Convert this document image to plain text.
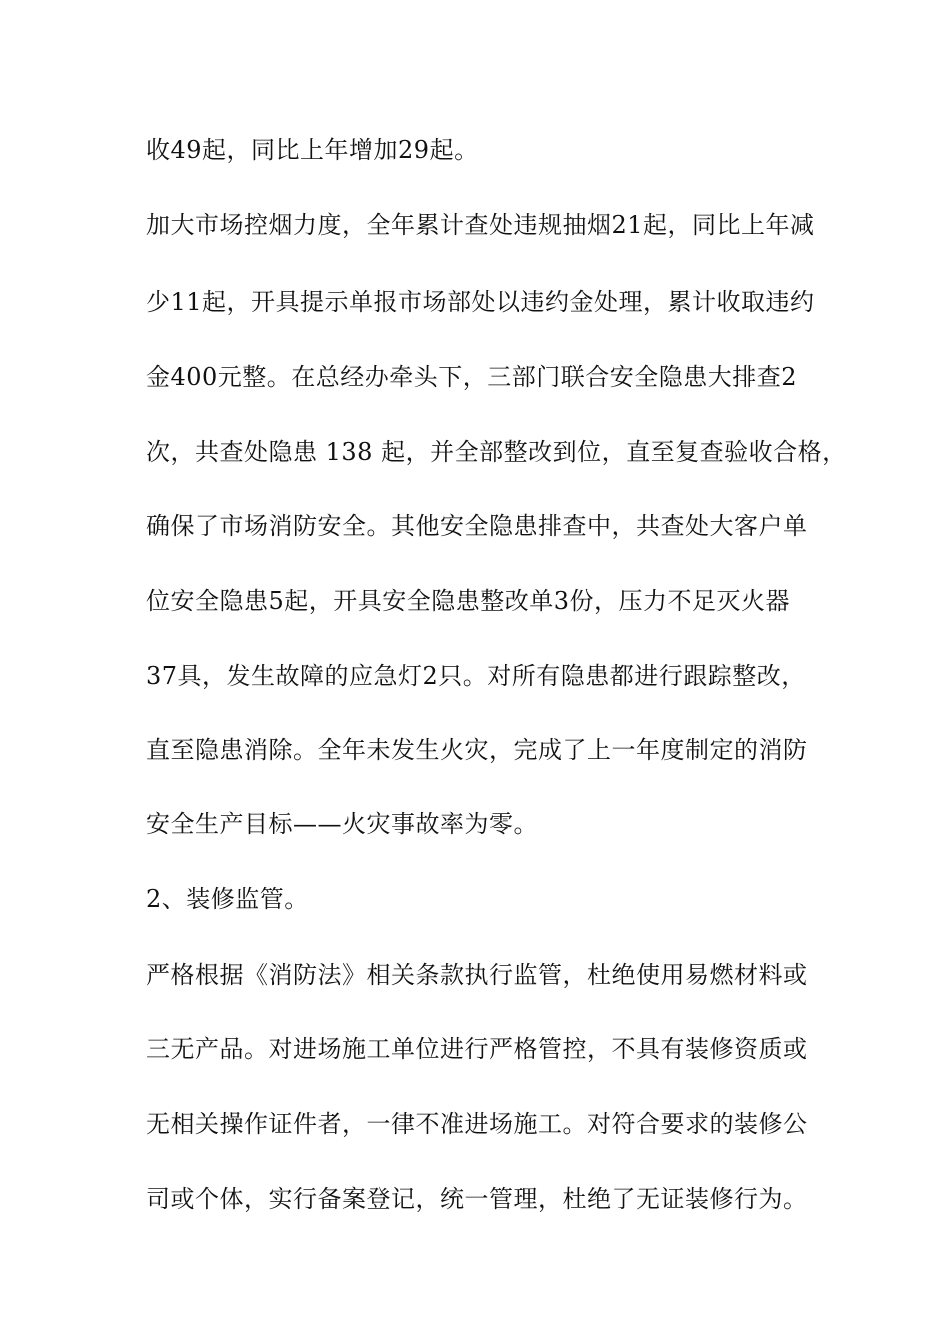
收49起，同比上年增加29起。
加大市场控烟力度，全年累计查处违规抽烟21起，同比上年减
少11起，开具提示单报市场部处以违约金处理，累计收取违约
金400元整。在总经办牵头下，三部门联合安全隐患大排查2
次，共查处隐患 138 起，并全部整改到位，直至复查验收合格，
确保了市场消防安全。其他安全隐患排查中，共查处大客户单
位安全隐患5起，开具安全隐患整改单3份，压力不足灭火器
37具，发生故障的应急灯2只。对所有隐患都进行跟踪整改，
直至隐患消除。全年未发生火灾，完成了上一年度制定的消防
安全生产目标——火灾事故率为零。
2、装修监管。
严格根据《消防法》相关条款执行监管，杜绝使用易燃材料或
三无产品。对进场施工单位进行严格管控，不具有装修资质或
无相关操作证件者，一律不准进场施工。对符合要求的装修公
司或个体，实行备案登记，统一管理，杜绝了无证装修行为。
